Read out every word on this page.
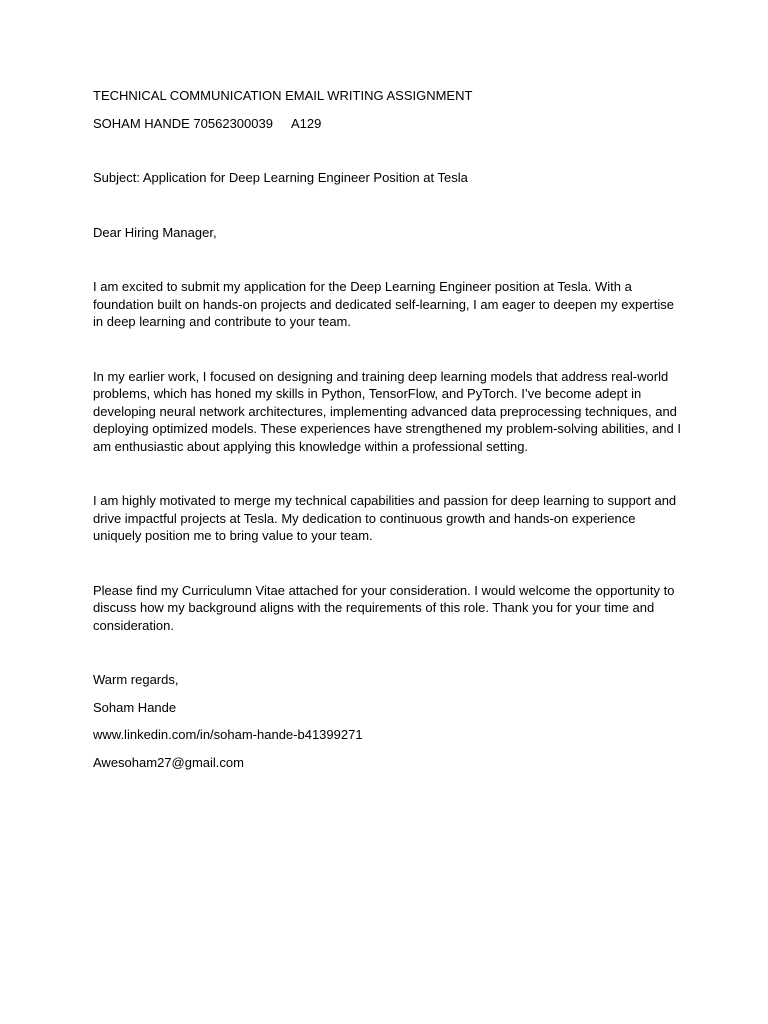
TECHNICAL COMMUNICATION EMAIL WRITING ASSIGNMENT
SOHAM HANDE 70562300039 A129
Subject: Application for Deep Learning Engineer Position at Tesla
Dear Hiring Manager,

I am excited to submit my application for the Deep Learning Engineer position at Tesla. With a foundation built on hands-on projects and dedicated self-learning, I am eager to deepen my expertise in deep learning and contribute to your team.

In my earlier work, I focused on designing and training deep learning models that address real-world problems, which has honed my skills in Python, TensorFlow, and PyTorch. I’ve become adept in developing neural network architectures, implementing advanced data preprocessing techniques, and deploying optimized models. These experiences have strengthened my problem-solving abilities, and I am enthusiastic about applying this knowledge within a professional setting.

I am highly motivated to merge my technical capabilities and passion for deep learning to support and drive impactful projects at Tesla. My dedication to continuous growth and hands-on experience uniquely position me to bring value to your team.

Please find my Curriculumn Vitae attached for your consideration. I would welcome the opportunity to discuss how my background aligns with the requirements of this role. Thank you for your time and consideration.

Warm regards,
Soham Hande
www.linkedin.com/in/soham-hande-b41399271
Awesoham27@gmail.com
